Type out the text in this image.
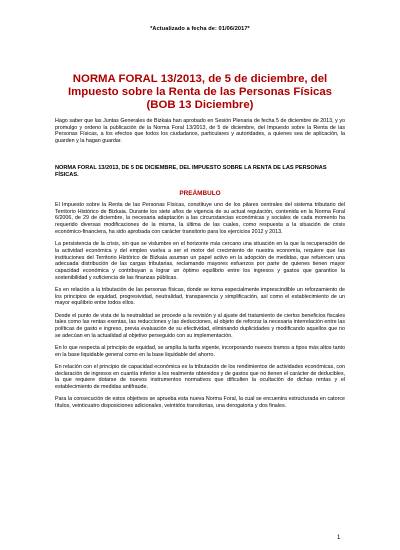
*Actualizado a fecha de: 01/06/2017*
NORMA FORAL 13/2013, de 5 de diciembre, del
Impuesto sobre la Renta de las Personas Físicas
(BOB 13 Diciembre)
Hago saber que las Juntas Generales de Bizkaia han aprobado en Sesión Plenaria de fecha 5 de diciembre de 2013, y yo promulgo y ordeno la publicación de la Norma Foral 13/2013, de 5 de diciembre, del Impuesto sobre la Renta de las Personas Físicas, a los efectos que todos los ciudadanos, particulares y autoridades, a quienes sea de aplicación, la guarden y la hagan guardar.
NORMA FORAL 13/2013, DE 5 DE DICIEMBRE, DEL IMPUESTO SOBRE LA RENTA DE LAS PERSONAS FÍSICAS.
PREÁMBULO

El Impuesto sobre la Renta de las Personas Físicas, constituye uno de los pilares centrales del sistema tributario del Territorio Histórico de Bizkaia. Durante los siete años de vigencia de su actual regulación, contenida en la Norma Foral 6/2006, de 29 de diciembre, la necesaria adaptación a las circunstancias económicas y sociales de cada momento ha requerido diversas modificaciones de la misma, la última de las cuales, como respuesta a la situación de crisis económico-financiera, ha sido aprobada con carácter transitorio para los ejercicios 2012 y 2013.

La persistencia de la crisis, sin que se vislumbre en el horizonte más cercano una situación en la que la recuperación de la actividad económica y del empleo vuelva a ser el motor del crecimiento de nuestra economía, requiere que las instituciones del Territorio Histórico de Bizkaia asuman un papel activo en la adopción de medidas, que refuercen una adecuada distribución de las cargas tributarias, reclamando mayores esfuerzos por parte de quienes tienen mayor capacidad económica y contribuyan a lograr un óptimo equilibrio entre los ingresos y gastos que garantice la sostenibilidad y suficiencia de las finanzas públicas.

Es en relación a la tributación de las personas físicas, donde se torna especialmente imprescindible un reforzamiento de los principios de equidad, progresividad, neutralidad, transparencia y simplificación, así como el establecimiento de un mayor equilibrio entre todos ellos.

Desde el punto de vista de la neutralidad se procede a la revisión y al ajuste del tratamiento de ciertos beneficios fiscales tales como las rentas exentas, las reducciones y las deducciones, al objeto de reforzar la necesaria interrelación entre las políticas de gasto e ingreso, previa evaluación de su efectividad, eliminando duplicidades y modificando aquellos que no se adecúan en la actualidad al objetivo perseguido con su implementación.

En lo que respecta al principio de equidad, se amplía la tarifa vigente, incorporando nuevos tramos a tipos más altos tanto en la base liquidable general como en la base liquidable del ahorro.

En relación con el principio de capacidad económica es la tributación de los rendimientos de actividades económicas, con declaración de ingresos en cuantía inferior a los realmente obtenidos y de gastos que no tienen el carácter de deducibles, la que requiere dotarse de nuevos instrumentos normativos que dificulten la ocultación de dichas rentas y el establecimiento de medidas antifraude.

Para la consecución de estos objetivos se aprueba esta nueva Norma Foral, la cual se encuentra estructurada en catorce títulos, veinticuatro disposiciones adicionales, veintidós transitorias, una derogatoria y dos finales.

1
